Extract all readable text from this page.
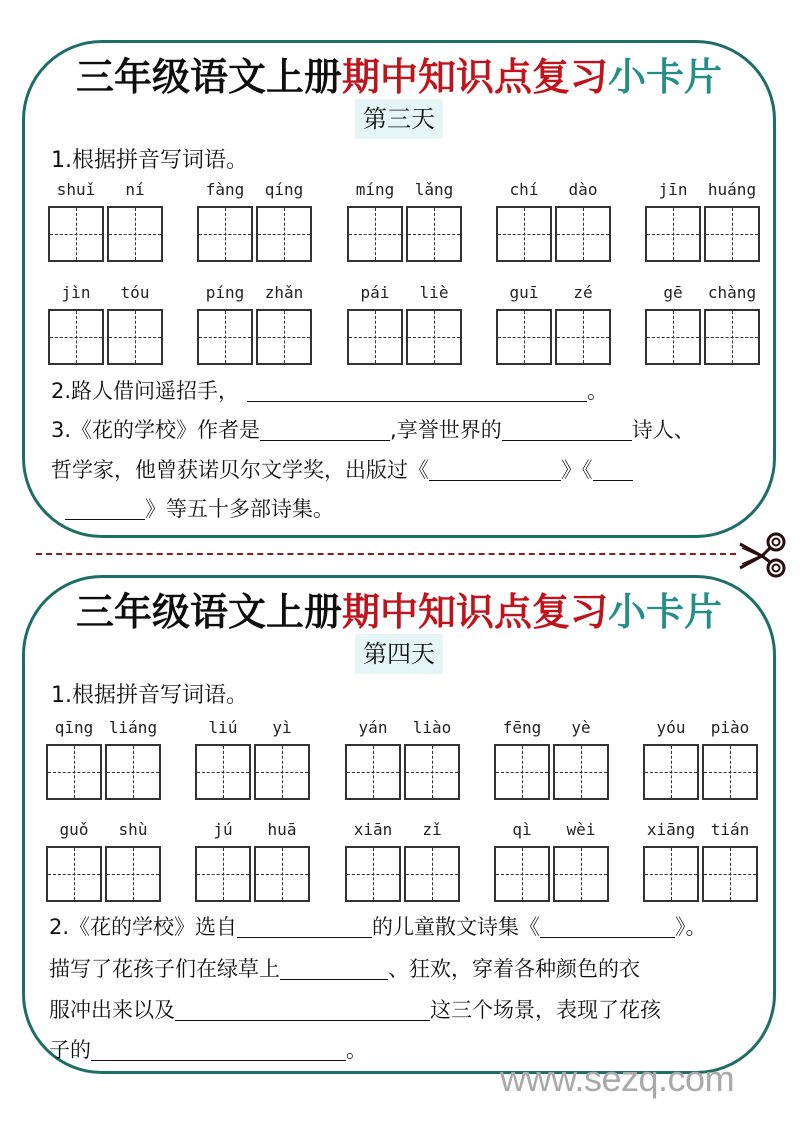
三年级语文上册期中知识点复习小卡片
第三天
1.根据拼音写词语。
shuǐ	ní	fàng	qíng	míng	lǎng	chí	dào	jīn	huáng
jìn	tóu	píng	zhǎn	pái	liè	guī	zé	gē	chàng
2.路人借问遥招手，	。
3.《花的学校》作者是	,享誉世界的	诗人、
哲学家，他曾获诺贝尔文学奖，出版过《	》《
》等五十多部诗集。
三年级语文上册期中知识点复习小卡片
第四天
1.根据拼音写词语。
qīng liáng	liú	yì	yán	liào	fēng	yè	yóu	piào
guǒ	shù	jú	huā	xiān	zǐ	qì	wèi	xiāng tián
2.《花的学校》选自	的儿童散文诗集《	》。
描写了花孩子们在绿草上	、狂欢，穿着各种颜色的衣
服冲出来以及	这三个场景，表现了花孩
子的	。
www.sezq.com
